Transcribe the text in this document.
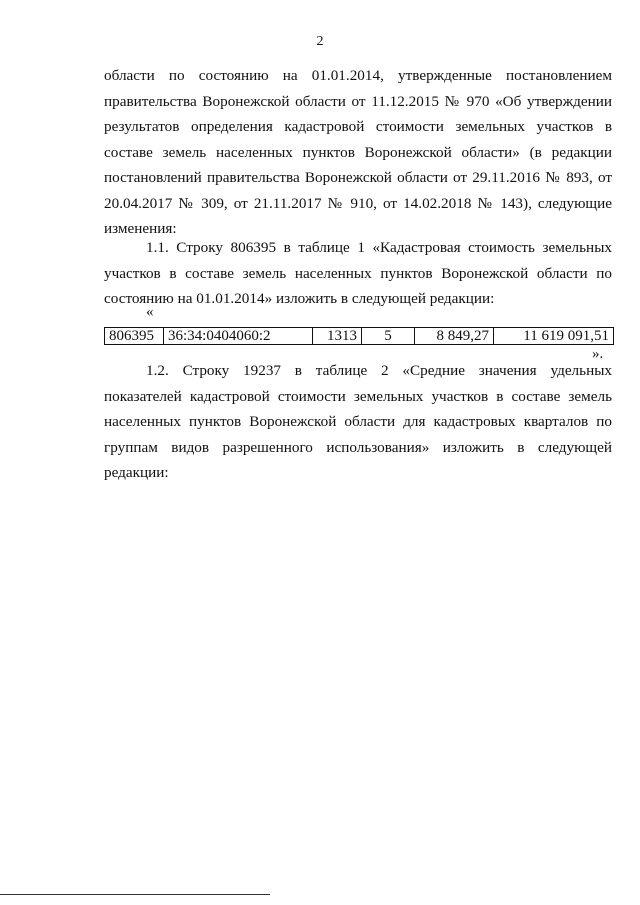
2

области по состоянию на 01.01.2014, утвержденные постановлением правительства Воронежской области от 11.12.2015 № 970 «Об утверждении результатов определения кадастровой стоимости земельных участков в составе земель населенных пунктов Воронежской области» (в редакции постановлений правительства Воронежской области от 29.11.2016 № 893, от 20.04.2017 № 309, от 21.11.2017 № 910, от 14.02.2018 № 143), следующие изменения:

1.1. Строку 806395 в таблице 1 «Кадастровая стоимость земельных участков в составе земель населенных пунктов Воронежской области по состоянию на 01.01.2014» изложить в следующей редакции:

«
806395	36:34:0404060:2	1313	5	8 849,27	11 619 091,51
».

1.2. Строку 19237 в таблице 2 «Средние значения удельных показателей кадастровой стоимости земельных участков в составе земель населенных пунктов Воронежской области для кадастровых кварталов по группам видов разрешенного использования» изложить в следующей редакции:
